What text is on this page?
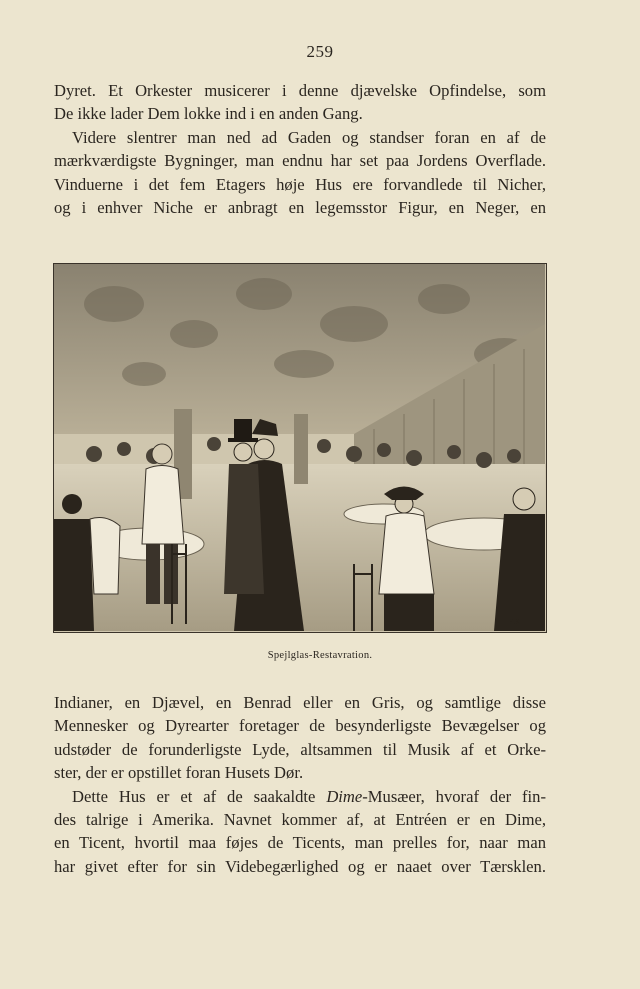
259
Dyret. Et Orkester musicerer i denne djævelske Opfindelse, som
De ikke lader Dem lokke ind i en anden Gang.
Videre slentrer man ned ad Gaden og standser foran en af de
mærkværdigste Bygninger, man endnu har set paa Jordens Overflade.
Vinduerne i det fem Etagers høje Hus ere forvandlede til Nicher,
og i enhver Niche er anbragt en legemsstor Figur, en Neger, en
E.K.
Spejlglas-Restavration.
Indianer, en Djævel, en Benrad eller en Gris, og samtlige disse
Mennesker og Dyrearter foretager de besynderligste Bevægelser og
udstøder de forunderligste Lyde, altsammen til Musik af et Orke-
ster, der er opstillet foran Husets Dør.
Dette Hus er et af de saakaldte Dime-Musæer, hvoraf der fin-
des talrige i Amerika. Navnet kommer af, at Entréen er en Dime,
en Ticent, hvortil maa føjes de Ticents, man prelles for, naar man
har givet efter for sin Videbegærlighed og er naaet over Tærsklen.
